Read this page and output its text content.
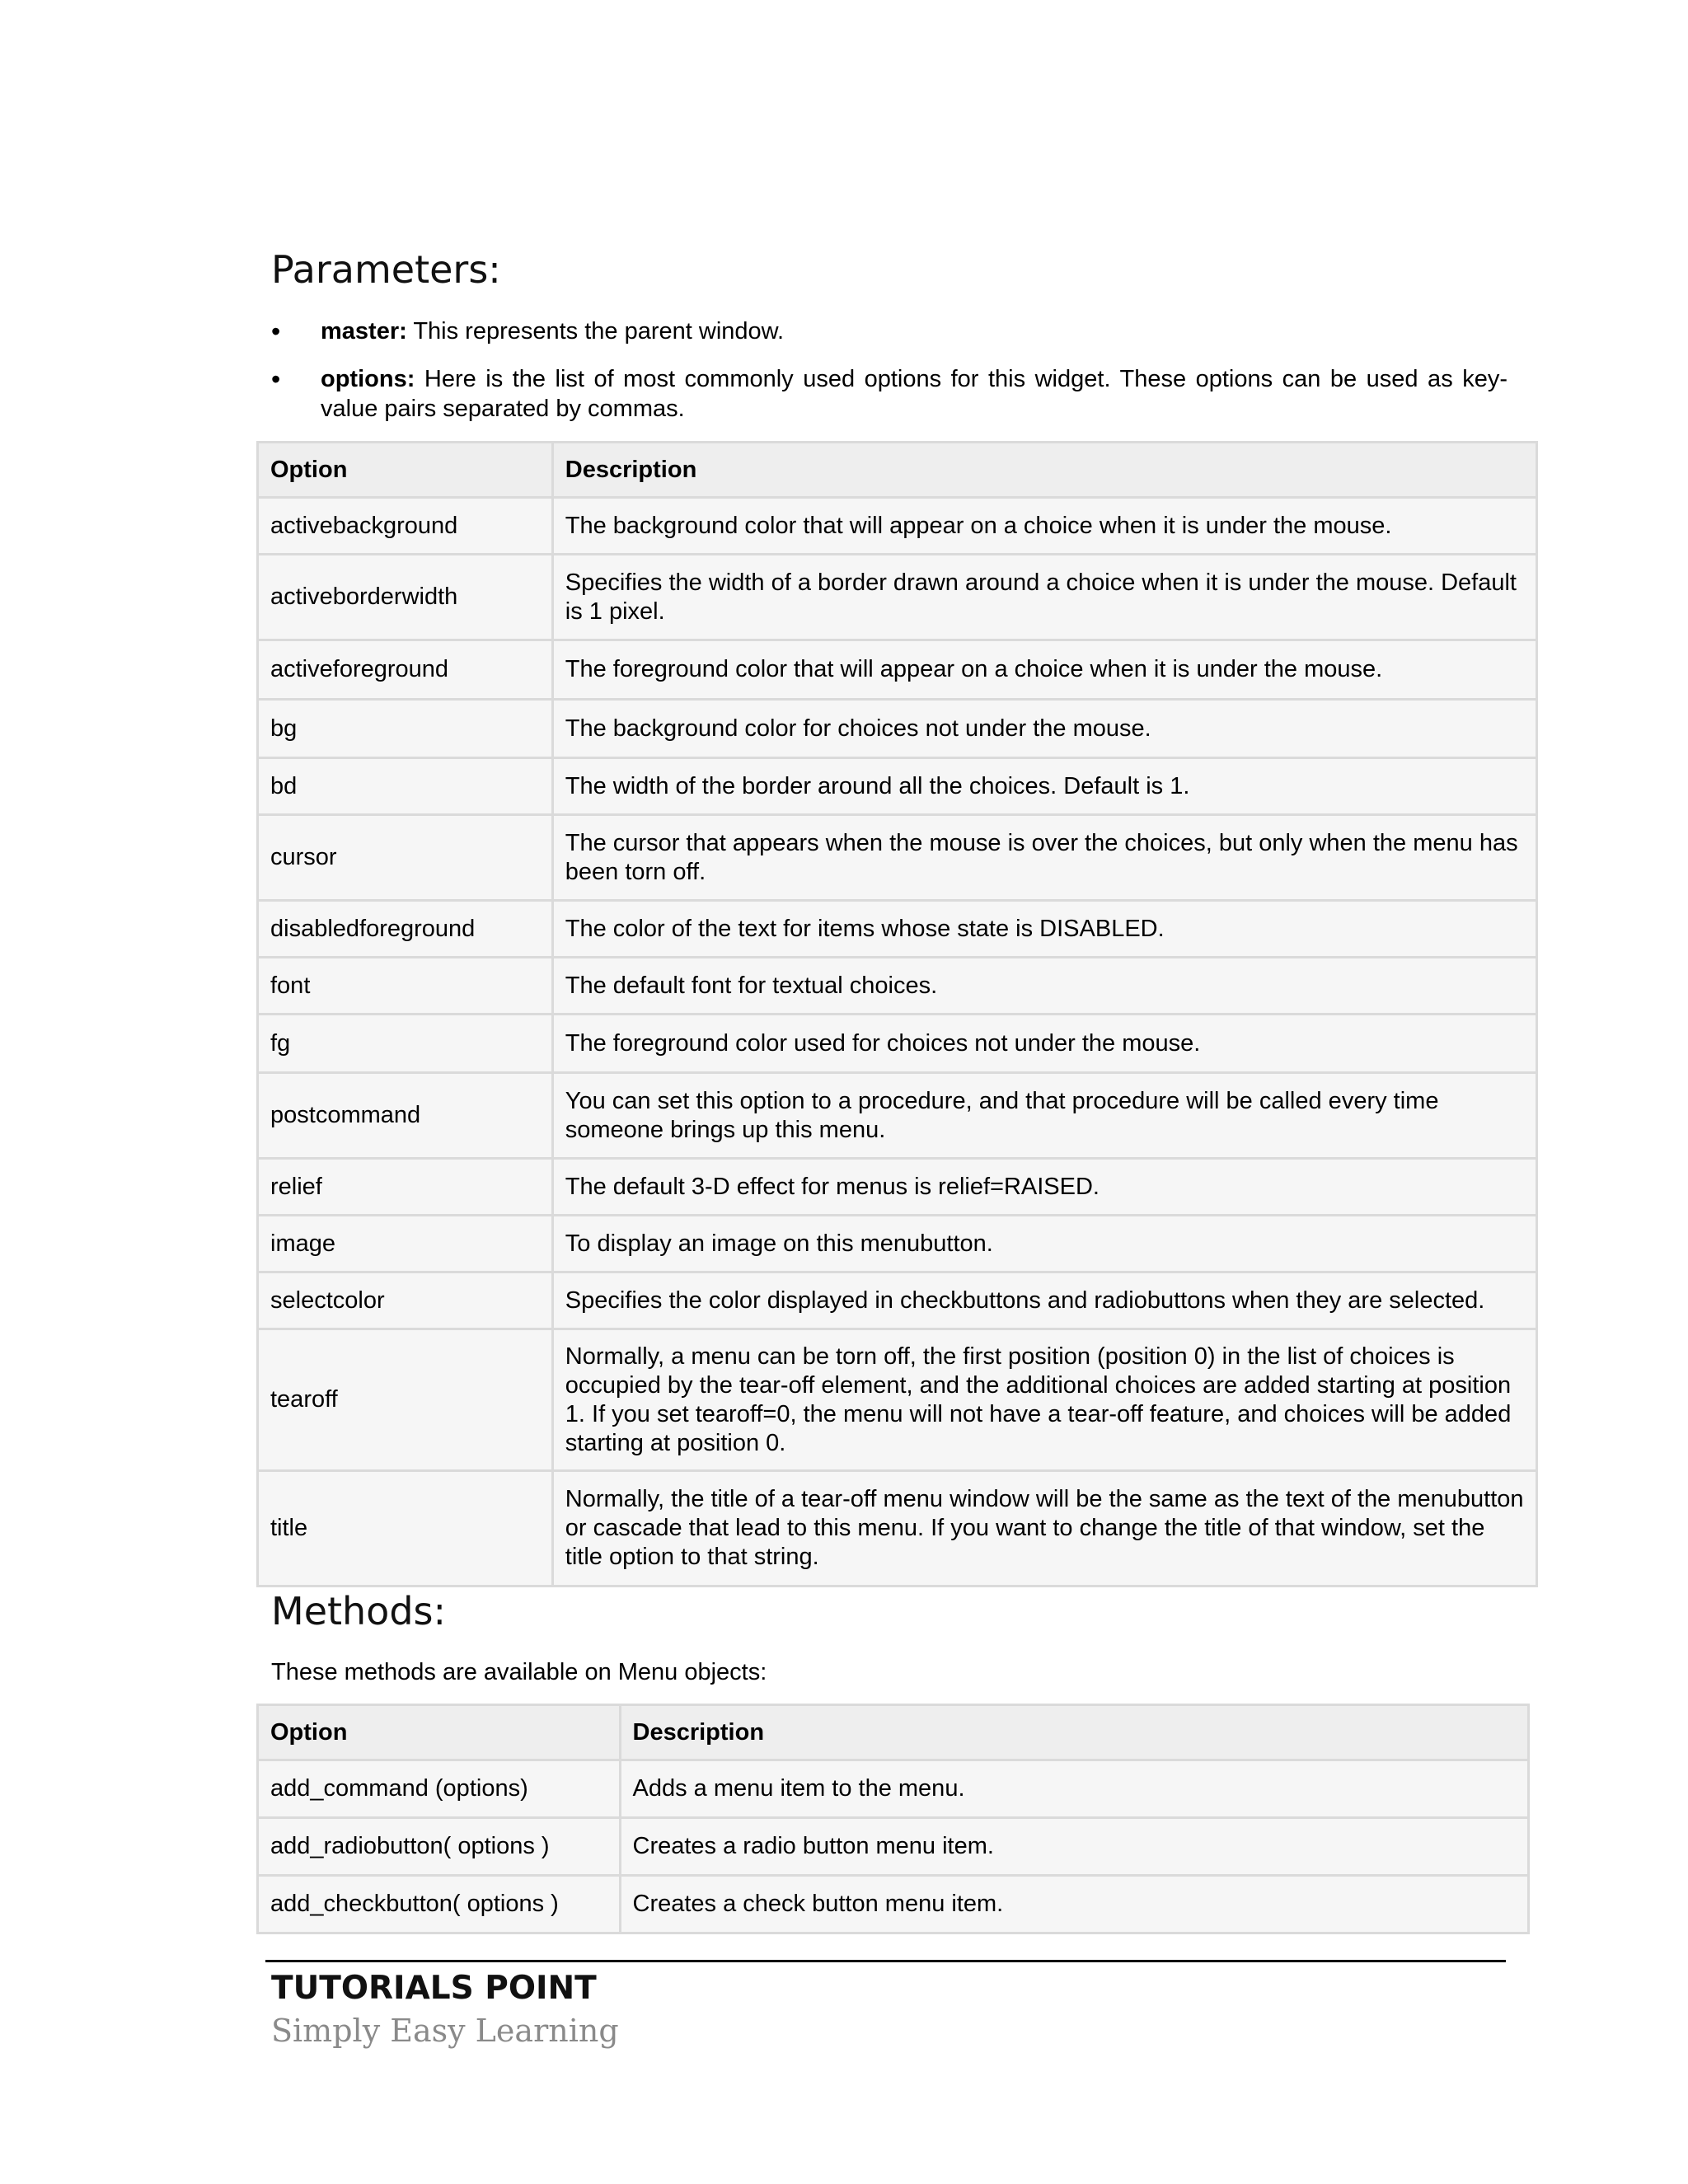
Parameters:
•	master: This represents the parent window.
•	options: Here is the list of most commonly used options for this widget. These options can be used as key-value pairs separated by commas.
Option	Description
activebackground	The background color that will appear on a choice when it is under the mouse.
activeborderwidth	Specifies the width of a border drawn around a choice when it is under the mouse. Default is 1 pixel.
activeforeground	The foreground color that will appear on a choice when it is under the mouse.
bg	The background color for choices not under the mouse.
bd	The width of the border around all the choices. Default is 1.
cursor	The cursor that appears when the mouse is over the choices, but only when the menu has been torn off.
disabledforeground	The color of the text for items whose state is DISABLED.
font	The default font for textual choices.
fg	The foreground color used for choices not under the mouse.
postcommand	You can set this option to a procedure, and that procedure will be called every time someone brings up this menu.
relief	The default 3-D effect for menus is relief=RAISED.
image	To display an image on this menubutton.
selectcolor	Specifies the color displayed in checkbuttons and radiobuttons when they are selected.
tearoff	Normally, a menu can be torn off, the first position (position 0) in the list of choices is occupied by the tear-off element, and the additional choices are added starting at position 1. If you set tearoff=0, the menu will not have a tear-off feature, and choices will be added starting at position 0.
title	Normally, the title of a tear-off menu window will be the same as the text of the menubutton or cascade that lead to this menu. If you want to change the title of that window, set the title option to that string.
Methods:

These methods are available on Menu objects:

Option	Description
add_command (options)	Adds a menu item to the menu.
add_radiobutton( options )	Creates a radio button menu item.
add_checkbutton( options )	Creates a check button menu item.

TUTORIALS POINT

Simply Easy Learning
